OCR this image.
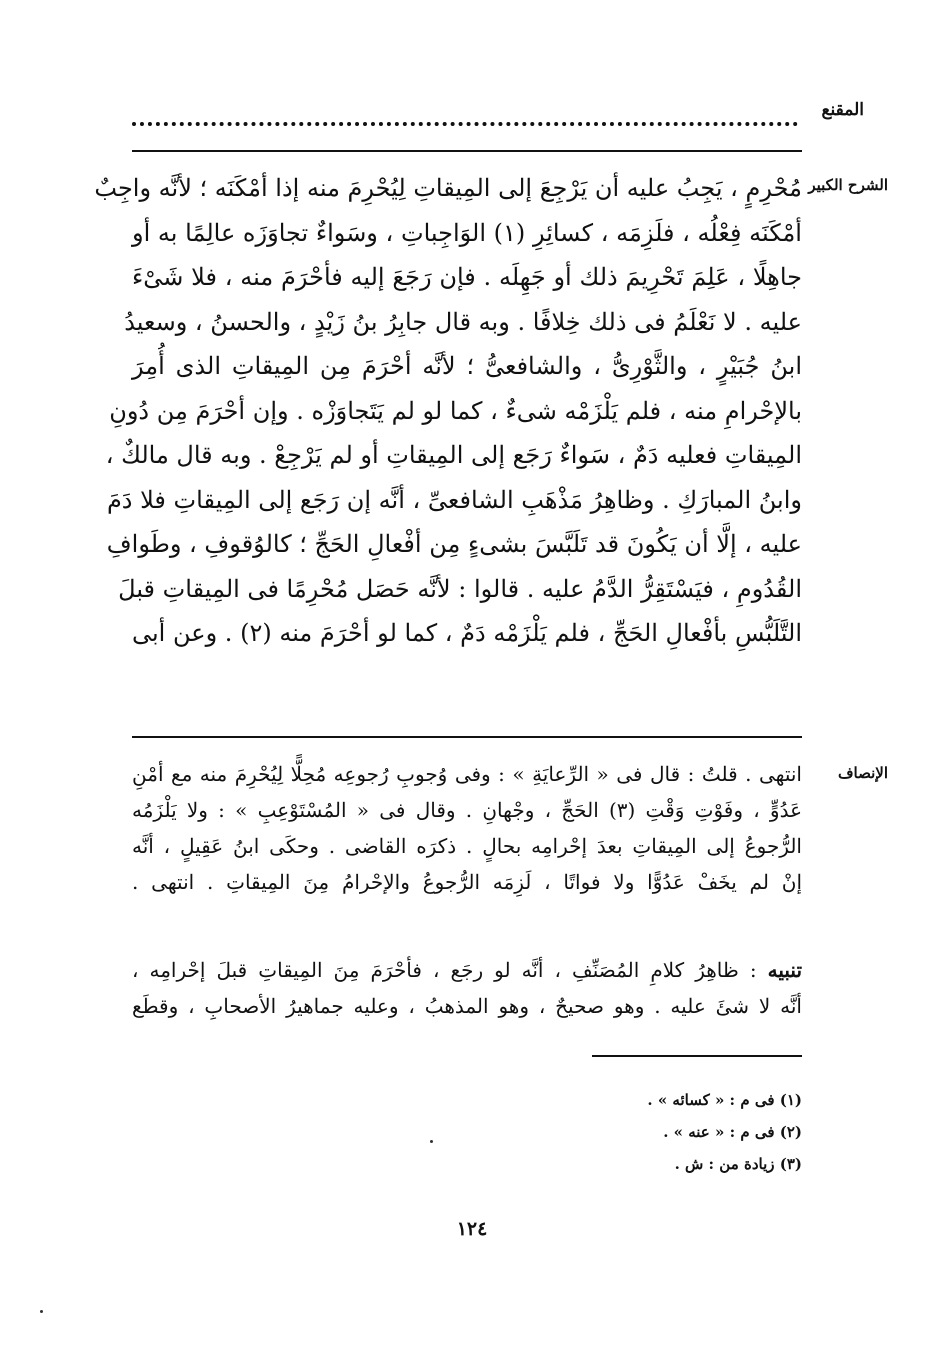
المقنع
الشرح الكبير

مُحْرِمٍ ، يَجِبُ عليه أن يَرْجِعَ إلى المِيقاتِ لِيُحْرِمَ منه إذا أمْكَنَه ؛ لأنَّه واجِبٌ

أمْكَنَه فِعْلُه ، فلَزِمَه ، كسائِرِ (١) الوَاجِباتِ ، وسَواءٌ تجاوَزَه عالِمًا به أو

جاهِلًا ، عَلِمَ تَحْرِيمَ ذلك أو جَهِلَه . فإن رَجَعَ إليه فأحْرَمَ منه ، فلا شَىْءَ

عليه . لا نَعْلَمُ فى ذلك خِلافًا . وبه قال جابِرُ بنُ زَيْدٍ ، والحسنُ ، وسعيدُ

ابنُ جُبَيْرٍ ، والثَّوْرِىُّ ، والشافعىُّ ؛ لأنَّه أحْرَمَ مِن المِيقاتِ الذى أُمِرَ

بالإحْرامِ منه ، فلم يَلْزَمْه شىءٌ ، كما لو لم يَتَجاوَزْه . وإن أحْرَمَ مِن دُونِ

المِيقاتِ فعليه دَمٌ ، سَواءٌ رَجَع إلى المِيقاتِ أو لم يَرْجِعْ . وبه قال مالكٌ ،

وابنُ المبارَكِ . وظاهِرُ مَذْهَبِ الشافعىِّ ، أنَّه إن رَجَع إلى المِيقاتِ فلا دَمَ

عليه ، إلَّا أن يَكُونَ قد تَلَبَّسَ بشىءٍ مِن أفْعالِ الحَجِّ ؛ كالوُقوفِ ، وطَوافِ

القُدُومِ ، فيَسْتَقِرُّ الدَّمُ عليه . قالوا : لأنَّه حَصَل مُحْرِمًا فى المِيقاتِ قبلَ

التَّلَبُّسِ بأفْعالِ الحَجِّ ، فلم يَلْزَمْه دَمٌ ، كما لو أحْرَمَ منه (٢) . وعن أبى

الإنصاف

انتهى . قلتُ : قال فى « الرِّعايَةِ » : وفى وُجوبِ رُجوعِه مُحِلًّا لِيُحْرِمَ منه مع أمْنِ

عَدُوٍّ ، وفَوْتِ وَقْتِ (٣) الحَجِّ ، وجْهانِ . وقال فى « المُسْتَوْعِبِ » : ولا يَلْزَمُه

الرُّجوعُ إلى المِيقاتِ بعدَ إحْرامِه بحالٍ . ذكرَه القاضى . وحكَى ابنُ عَقِيلٍ ، أنَّه

إنْ لم يخَفْ عَدُوًّا ولا فواتًا ، لَزِمَه الرُّجوعُ والإحْرامُ مِنَ المِيقاتِ . انتهى .

تنبيه : ظاهِرُ كلامِ المُصَنِّفِ ، أنَّه لو رجَع ، فأحْرَمَ مِنَ المِيقاتِ قبلَ إحْرامِه ،

أنَّه لا شئَ عليه . وهو صحيحٌ ، وهو المذهبُ ، وعليه جماهيرُ الأصحابِ ، وقطَع

(١) فى م : « كسائه » .
(٢) فى م : « عنه » .
(٣) زيادة من : ش .
١٢٤
